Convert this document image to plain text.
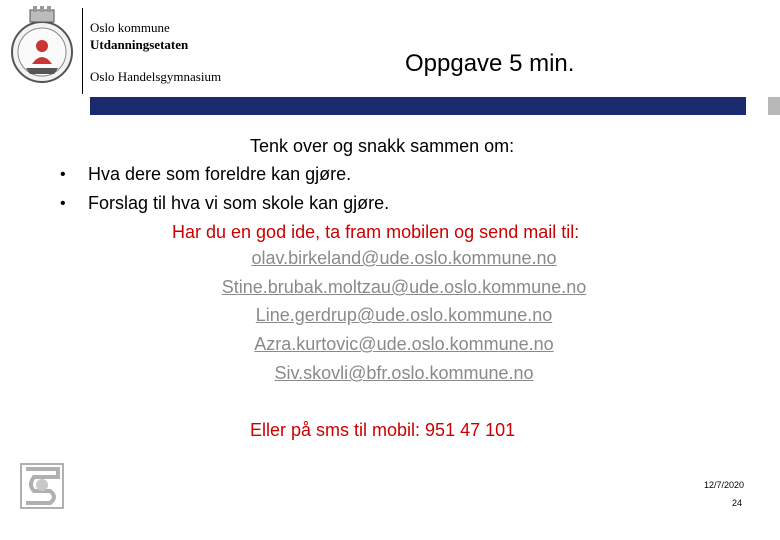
Oslo kommune
Utdanningsetaten
Oslo Handelsgymnasium	Oppgave 5 min.
Tenk over og snakk sammen om:
• Hva dere som foreldre kan gjøre.
• Forslag til hva vi som skole kan gjøre.
Har du en god ide, ta fram mobilen og send mail til:
olav.birkeland@ude.oslo.kommune.no
Stine.brubak.moltzau@ude.oslo.kommune.no
Line.gerdrup@ude.oslo.kommune.no
Azra.kurtovic@ude.oslo.kommune.no
Siv.skovli@bfr.oslo.kommune.no
Eller på sms til mobil: 951 47 101
12/7/2020
24
